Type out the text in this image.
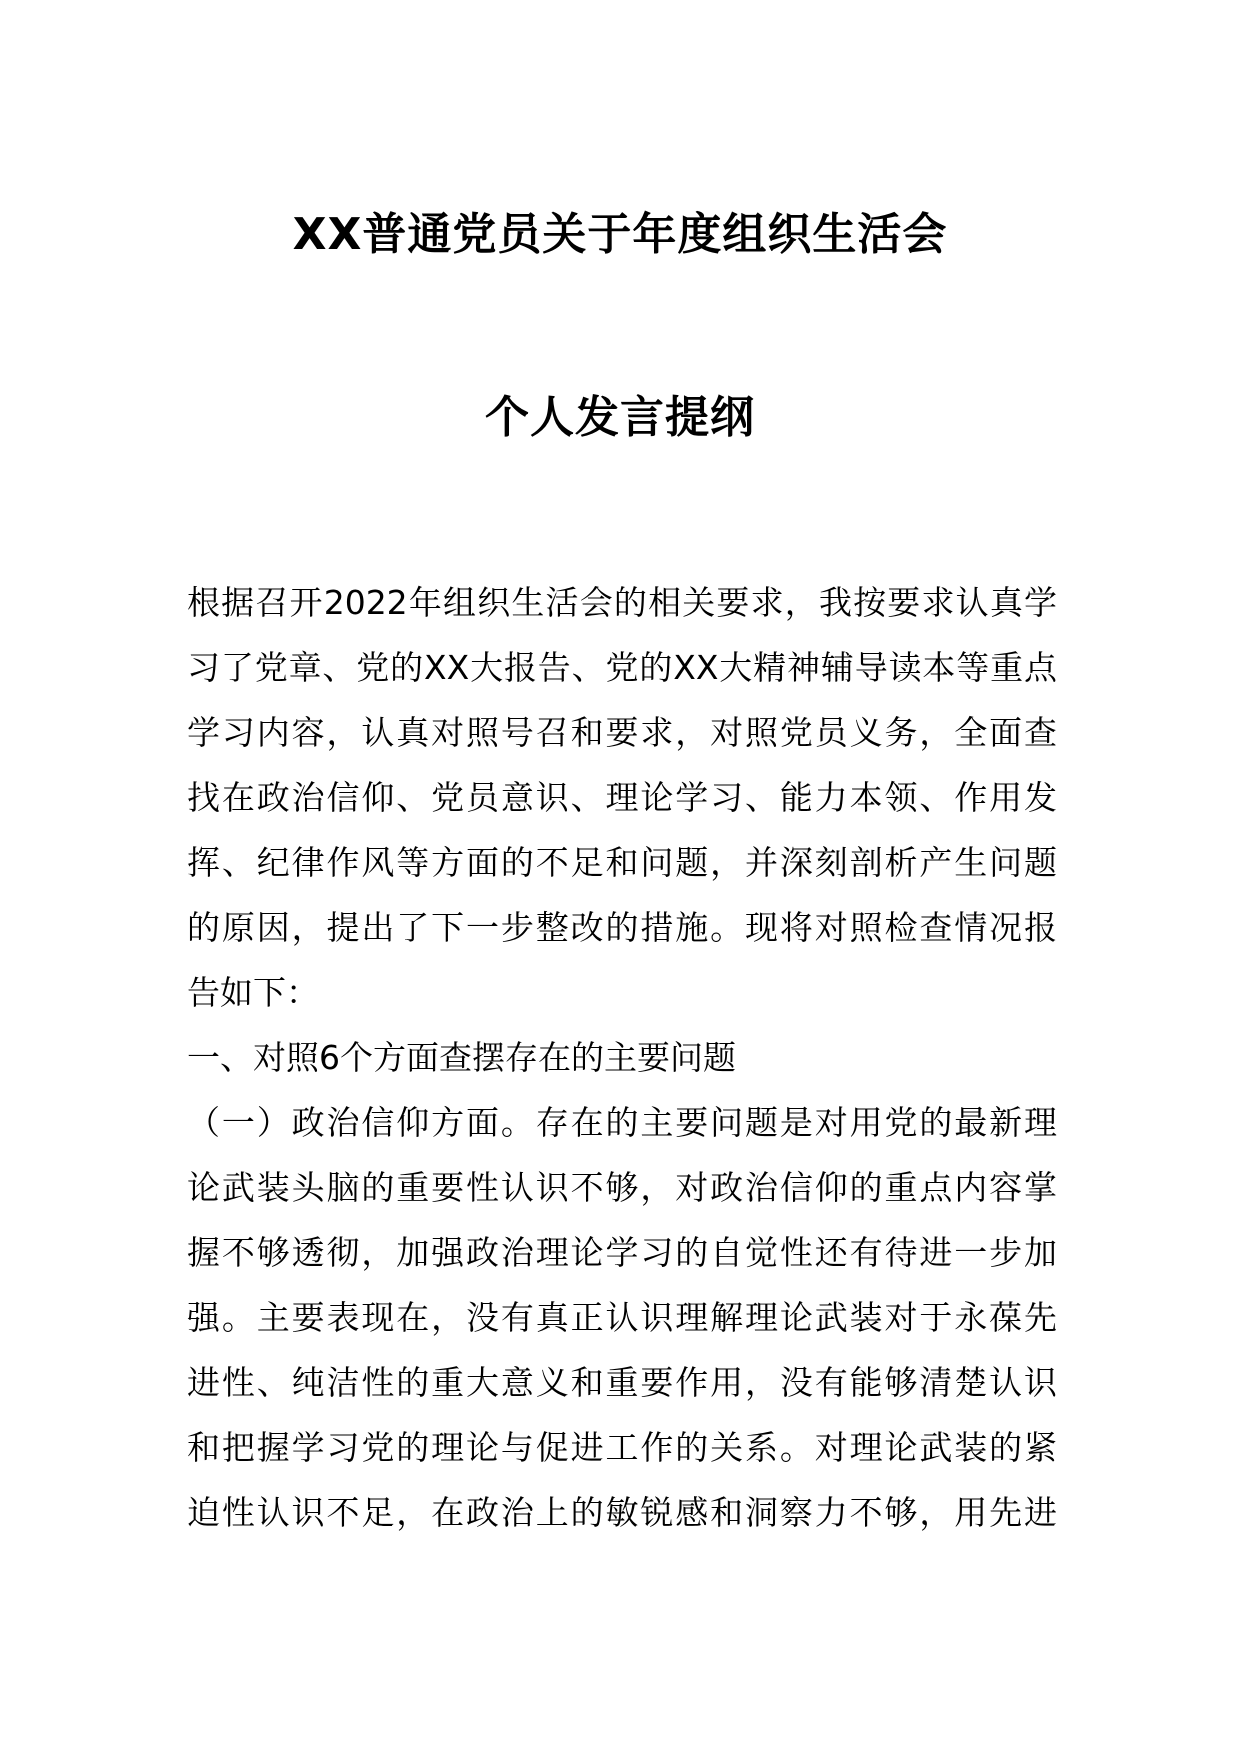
XX普通党员关于年度组织生活会
个人发言提纲
根据召开2022年组织生活会的相关要求，我按要求认真学
习了党章、党的XX大报告、党的XX大精神辅导读本等重点
学习内容，认真对照号召和要求，对照党员义务，全面查
找在政治信仰、党员意识、理论学习、能力本领、作用发
挥、纪律作风等方面的不足和问题，并深刻剖析产生问题
的原因，提出了下一步整改的措施。现将对照检查情况报
告如下：
一、对照6个方面查摆存在的主要问题
（一）政治信仰方面。存在的主要问题是对用党的最新理
论武装头脑的重要性认识不够，对政治信仰的重点内容掌
握不够透彻，加强政治理论学习的自觉性还有待进一步加
强。主要表现在，没有真正认识理解理论武装对于永葆先
进性、纯洁性的重大意义和重要作用，没有能够清楚认识
和把握学习党的理论与促进工作的关系。对理论武装的紧
迫性认识不足，在政治上的敏锐感和洞察力不够，用先进
